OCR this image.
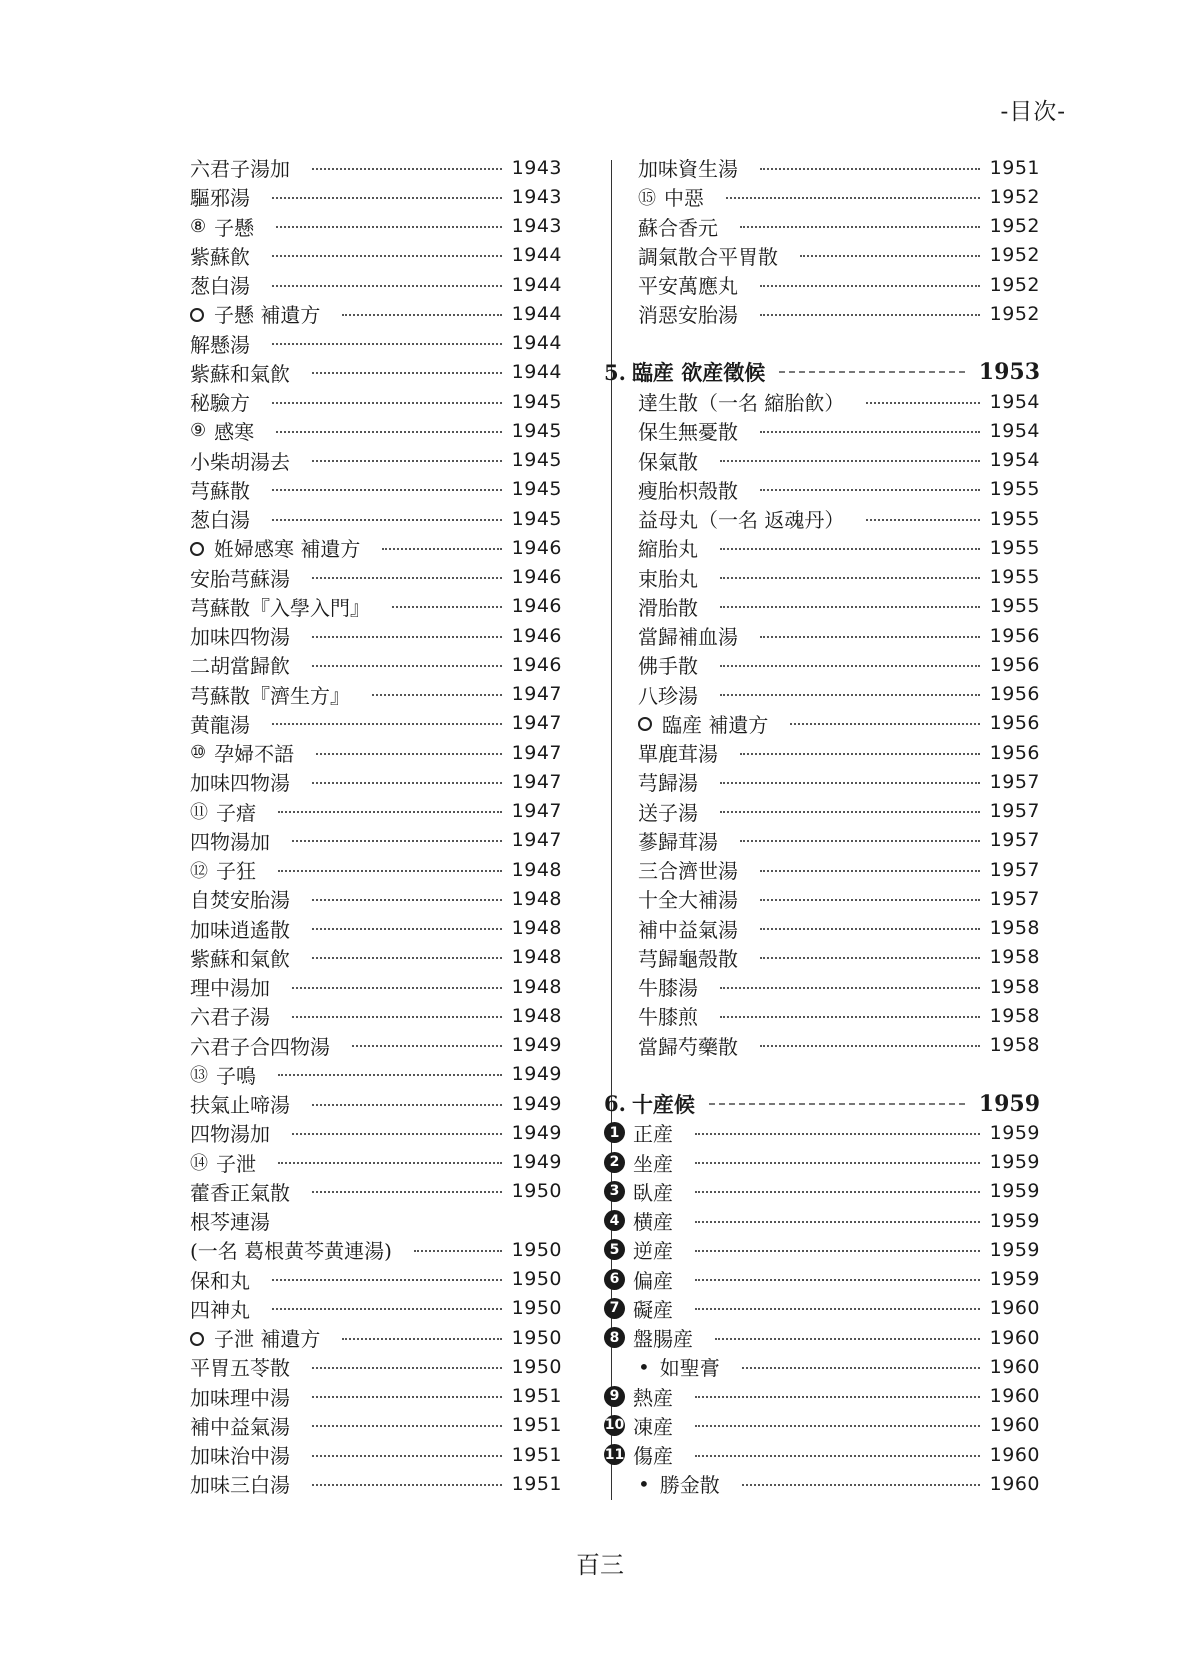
-目次-
六君子湯加	1943
驅邪湯	1943
⑧ 子懸	1943
紫蘇飮	1944
葱白湯	1944
子懸 補遺方	1944
解懸湯	1944
紫蘇和氣飮	1944
秘驗方	1945
⑨ 感寒	1945
小柴胡湯去	1945
芎蘇散	1945
葱白湯	1945
姙婦感寒 補遺方	1946
安胎芎蘇湯	1946
芎蘇散『入學入門』	1946
加味四物湯	1946
二胡當歸飮	1946
芎蘇散『濟生方』	1947
黄龍湯	1947
⑩ 孕婦不語	1947
加味四物湯	1947
⑪ 子瘖	1947
四物湯加	1947
⑫ 子狂	1948
自焚安胎湯	1948
加味逍遙散	1948
紫蘇和氣飮	1948
理中湯加	1948
六君子湯	1948
六君子合四物湯	1949
⑬ 子鳴	1949
扶氣止啼湯	1949
四物湯加	1949
⑭ 子泄	1949
藿香正氣散	1950
根芩連湯
(一名 葛根黄芩黄連湯)	1950
保和丸	1950
四神丸	1950
子泄 補遺方	1950
平胃五苓散	1950
加味理中湯	1951
補中益氣湯	1951
加味治中湯	1951
加味三白湯	1951
加味資生湯	1951
⑮ 中惡	1952
蘇合香元	1952
調氣散合平胃散	1952
平安萬應丸	1952
消惡安胎湯	1952
5. 臨産 欲産徵候	1953
達生散（一名 縮胎飮）	1954
保生無憂散	1954
保氣散	1954
瘦胎枳殼散	1955
益母丸（一名 返魂丹）	1955
縮胎丸	1955
束胎丸	1955
滑胎散	1955
當歸補血湯	1956
佛手散	1956
八珍湯	1956
臨産 補遺方	1956
單鹿茸湯	1956
芎歸湯	1957
送子湯	1957
蔘歸茸湯	1957
三合濟世湯	1957
十全大補湯	1957
補中益氣湯	1958
芎歸龜殼散	1958
牛膝湯	1958
牛膝煎	1958
當歸芍藥散	1958
6. 十産候	1959
1 正産	1959
2 坐産	1959
3 臥産	1959
4 横産	1959
5 逆産	1959
6 偏産	1959
7 礙産	1960
8 盤腸産	1960
• 如聖膏	1960
9 熱産	1960
10 凍産	1960
11 傷産	1960
• 勝金散	1960
百三
